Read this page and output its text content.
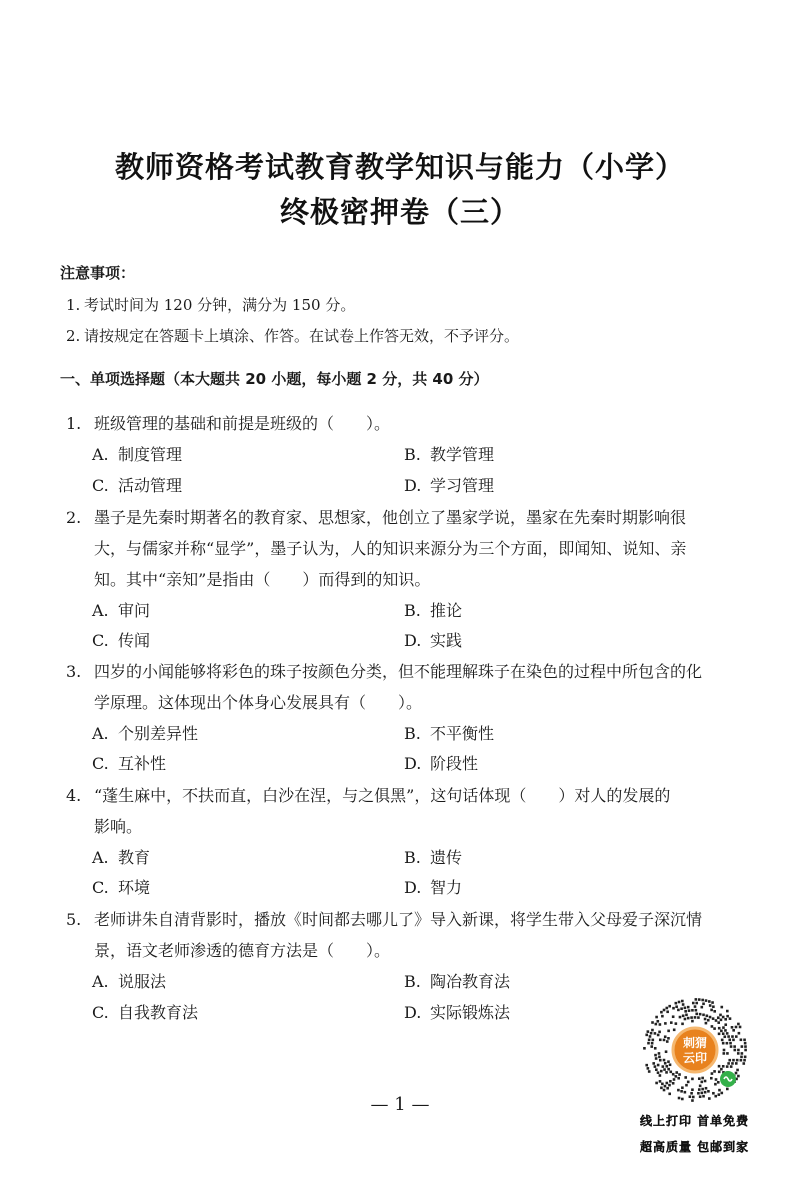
教师资格考试教育教学知识与能力（小学）
终极密押卷（三）
注意事项：
1. 考试时间为 120 分钟，满分为 150 分。
2. 请按规定在答题卡上填涂、作答。在试卷上作答无效，不予评分。
一、单项选择题（本大题共 20 小题，每小题 2 分，共 40 分）
1. 班级管理的基础和前提是班级的（　　）。
A. 制度管理	B. 教学管理
C. 活动管理	D. 学习管理
2. 墨子是先秦时期著名的教育家、思想家，他创立了墨家学说，墨家在先秦时期影响很
大，与儒家并称“显学”，墨子认为，人的知识来源分为三个方面，即闻知、说知、亲
知。其中“亲知”是指由（　　）而得到的知识。
A. 审问	B. 推论
C. 传闻	D. 实践
3. 四岁的小闻能够将彩色的珠子按颜色分类，但不能理解珠子在染色的过程中所包含的化
学原理。这体现出个体身心发展具有（　　）。
A. 个别差异性	B. 不平衡性
C. 互补性	D. 阶段性
4. “蓬生麻中，不扶而直，白沙在涅，与之俱黑”，这句话体现（　　）对人的发展的
影响。
A. 教育	B. 遗传
C. 环境	D. 智力
5. 老师讲朱自清背影时，播放《时间都去哪儿了》导入新课，将学生带入父母爱子深沉情
景，语文老师渗透的德育方法是（　　）。
A. 说服法	B. 陶冶教育法
C. 自我教育法	D. 实际锻炼法
— 1 —
刺猬
云印
线上打印 首单免费
超高质量 包邮到家
